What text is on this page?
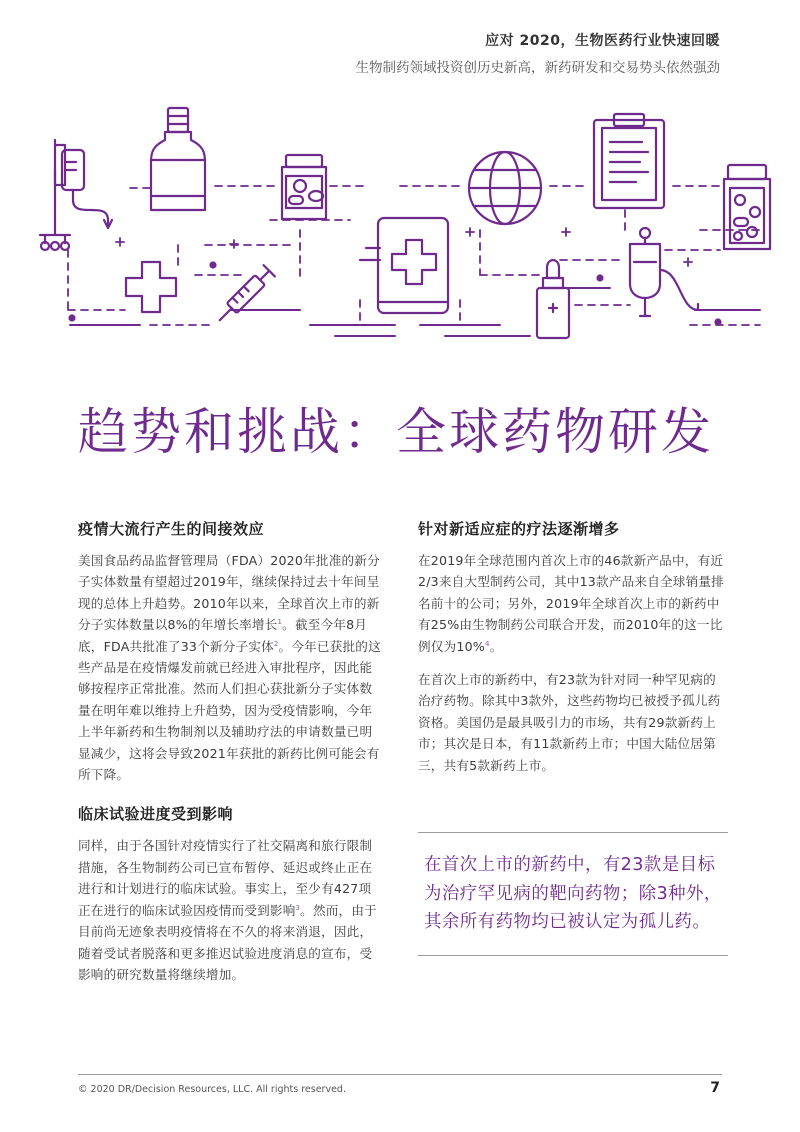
应对 2020，生物医药行业快速回暖
生物制药领域投资创历史新高，新药研发和交易势头依然强劲
趋势和挑战：全球药物研发
疫情大流行产生的间接效应

美国食品药品监督管理局（FDA）2020年批准的新分子实体数量有望超过2019年，继续保持过去十年间呈现的总体上升趋势。2010年以来，全球首次上市的新分子实体数量以8%的年增长率增长$^1$。截至今年8月底，FDA共批准了33个新分子实体$^2$。今年已获批的这些产品是在疫情爆发前就已经进入审批程序，因此能够按程序正常批准。然而人们担心获批新分子实体数量在明年难以维持上升趋势，因为受疫情影响，今年上半年新药和生物制剂以及辅助疗法的申请数量已明显减少，这将会导致2021年获批的新药比例可能会有所下降。

临床试验进度受到影响

同样，由于各国针对疫情实行了社交隔离和旅行限制措施，各生物制药公司已宣布暂停、延迟或终止正在进行和计划进行的临床试验。事实上，至少有427项正在进行的临床试验因疫情而受到影响$^3$。然而，由于目前尚无迹象表明疫情将在不久的将来消退，因此，随着受试者脱落和更多推迟试验进度消息的宣布，受影响的研究数量将继续增加。

针对新适应症的疗法逐渐增多

在2019年全球范围内首次上市的46款新产品中，有近2/3来自大型制药公司，其中13款产品来自全球销量排名前十的公司；另外，2019年全球首次上市的新药中有25%由生物制药公司联合开发，而2010年的这一比例仅为10%$^4$。

在首次上市的新药中，有23款为针对同一种罕见病的治疗药物。除其中3款外，这些药物均已被授予孤儿药资格。美国仍是最具吸引力的市场，共有29款新药上市；其次是日本，有11款新药上市；中国大陆位居第三，共有5款新药上市。

在首次上市的新药中，有23款是目标为治疗罕见病的靶向药物；除3种外，其余所有药物均已被认定为孤儿药。
© 2020 DR/Decision Resources, LLC. All rights reserved.	7
